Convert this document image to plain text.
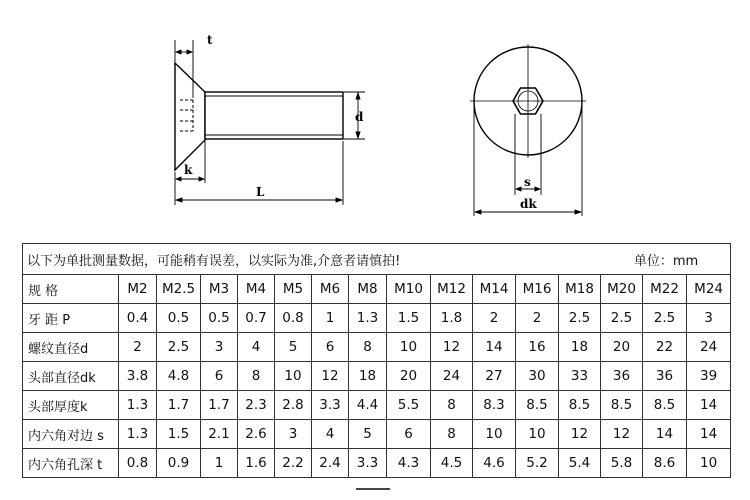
t
d
k
L
s
dk
以下为单批测量数据，可能稍有误差，以实际为准,介意者请慎拍! 单位：mm															

规 格	M2	M2.5	M3	M4	M5	M6	M8	M10	M12	M14	M16	M18	M20	M22	M24
牙 距 P	0.4	0.5	0.5	0.7	0.8	1	1.3	1.5	1.8	2	2	2.5	2.5	2.5	3
螺纹直径d	2	2.5	3	4	5	6	8	10	12	14	16	18	20	22	24
头部直径dk	3.8	4.8	6	8	10	12	18	20	24	27	30	33	36	36	39
头部厚度k	1.3	1.7	1.7	2.3	2.8	3.3	4.4	5.5	8	8.3	8.5	8.5	8.5	8.5	14
内六角对边 s	1.3	1.5	2.1	2.6	3	4	5	6	8	10	10	12	12	14	14
内六角孔深 t	0.8	0.9	1	1.6	2.2	2.4	3.3	4.3	4.5	4.6	5.2	5.4	5.8	8.6	10
